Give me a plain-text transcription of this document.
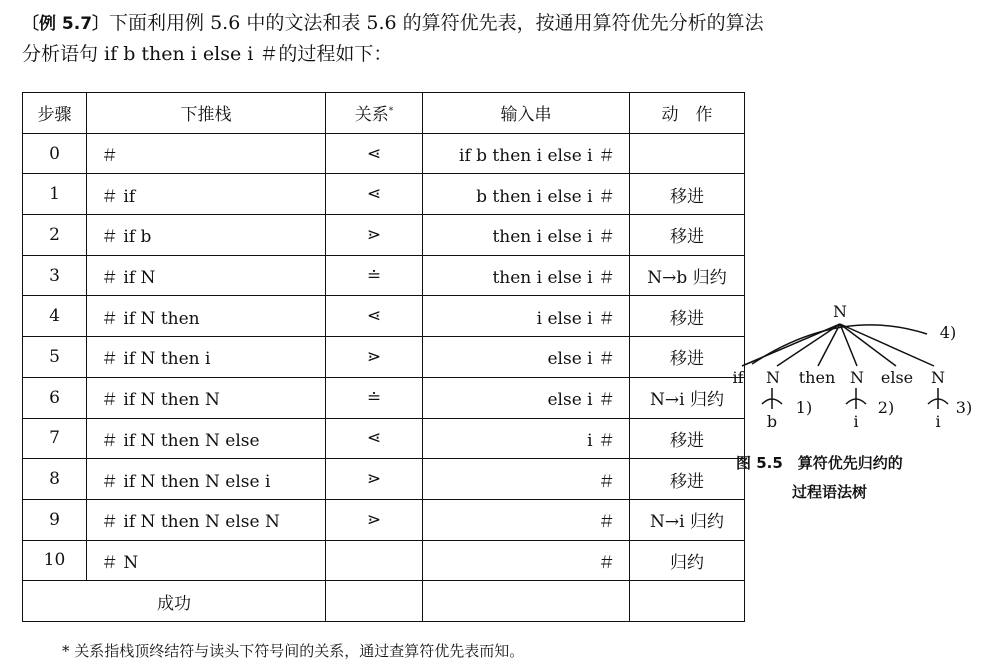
〔例 5.7〕下面利用例 5.6 中的文法和表 5.6 的算符优先表，按通用算符优先分析的算法

分析语句 if b then i else i ＃的过程如下：

步骤	下推栈	关系*	输入串	动　作
0	＃	⋖	if b then i else i ＃	
1	＃ if	⋖	b then i else i ＃	移进
2	＃ if b	⋗	then i else i ＃	移进
3	＃ if N	≐	then i else i ＃	N→b 归约
4	＃ if N then	⋖	i else i ＃	移进
5	＃ if N then i	⋗	else i ＃	移进
6	＃ if N then N	≐	else i ＃	N→i 归约
7	＃ if N then N else	⋖	i ＃	移进
8	＃ if N then N else i	⋗	＃	移进
9	＃ if N then N else N	⋗	＃	N→i 归约
10	＃ N		＃	归约
成功				
* 关系指栈顶终结符与读头下符号间的关系，通过查算符优先表而知。
N
if N then N else N
b	i	i
1)	2)	3)
4)
图 5.5　算符优先归约的
过程语法树
